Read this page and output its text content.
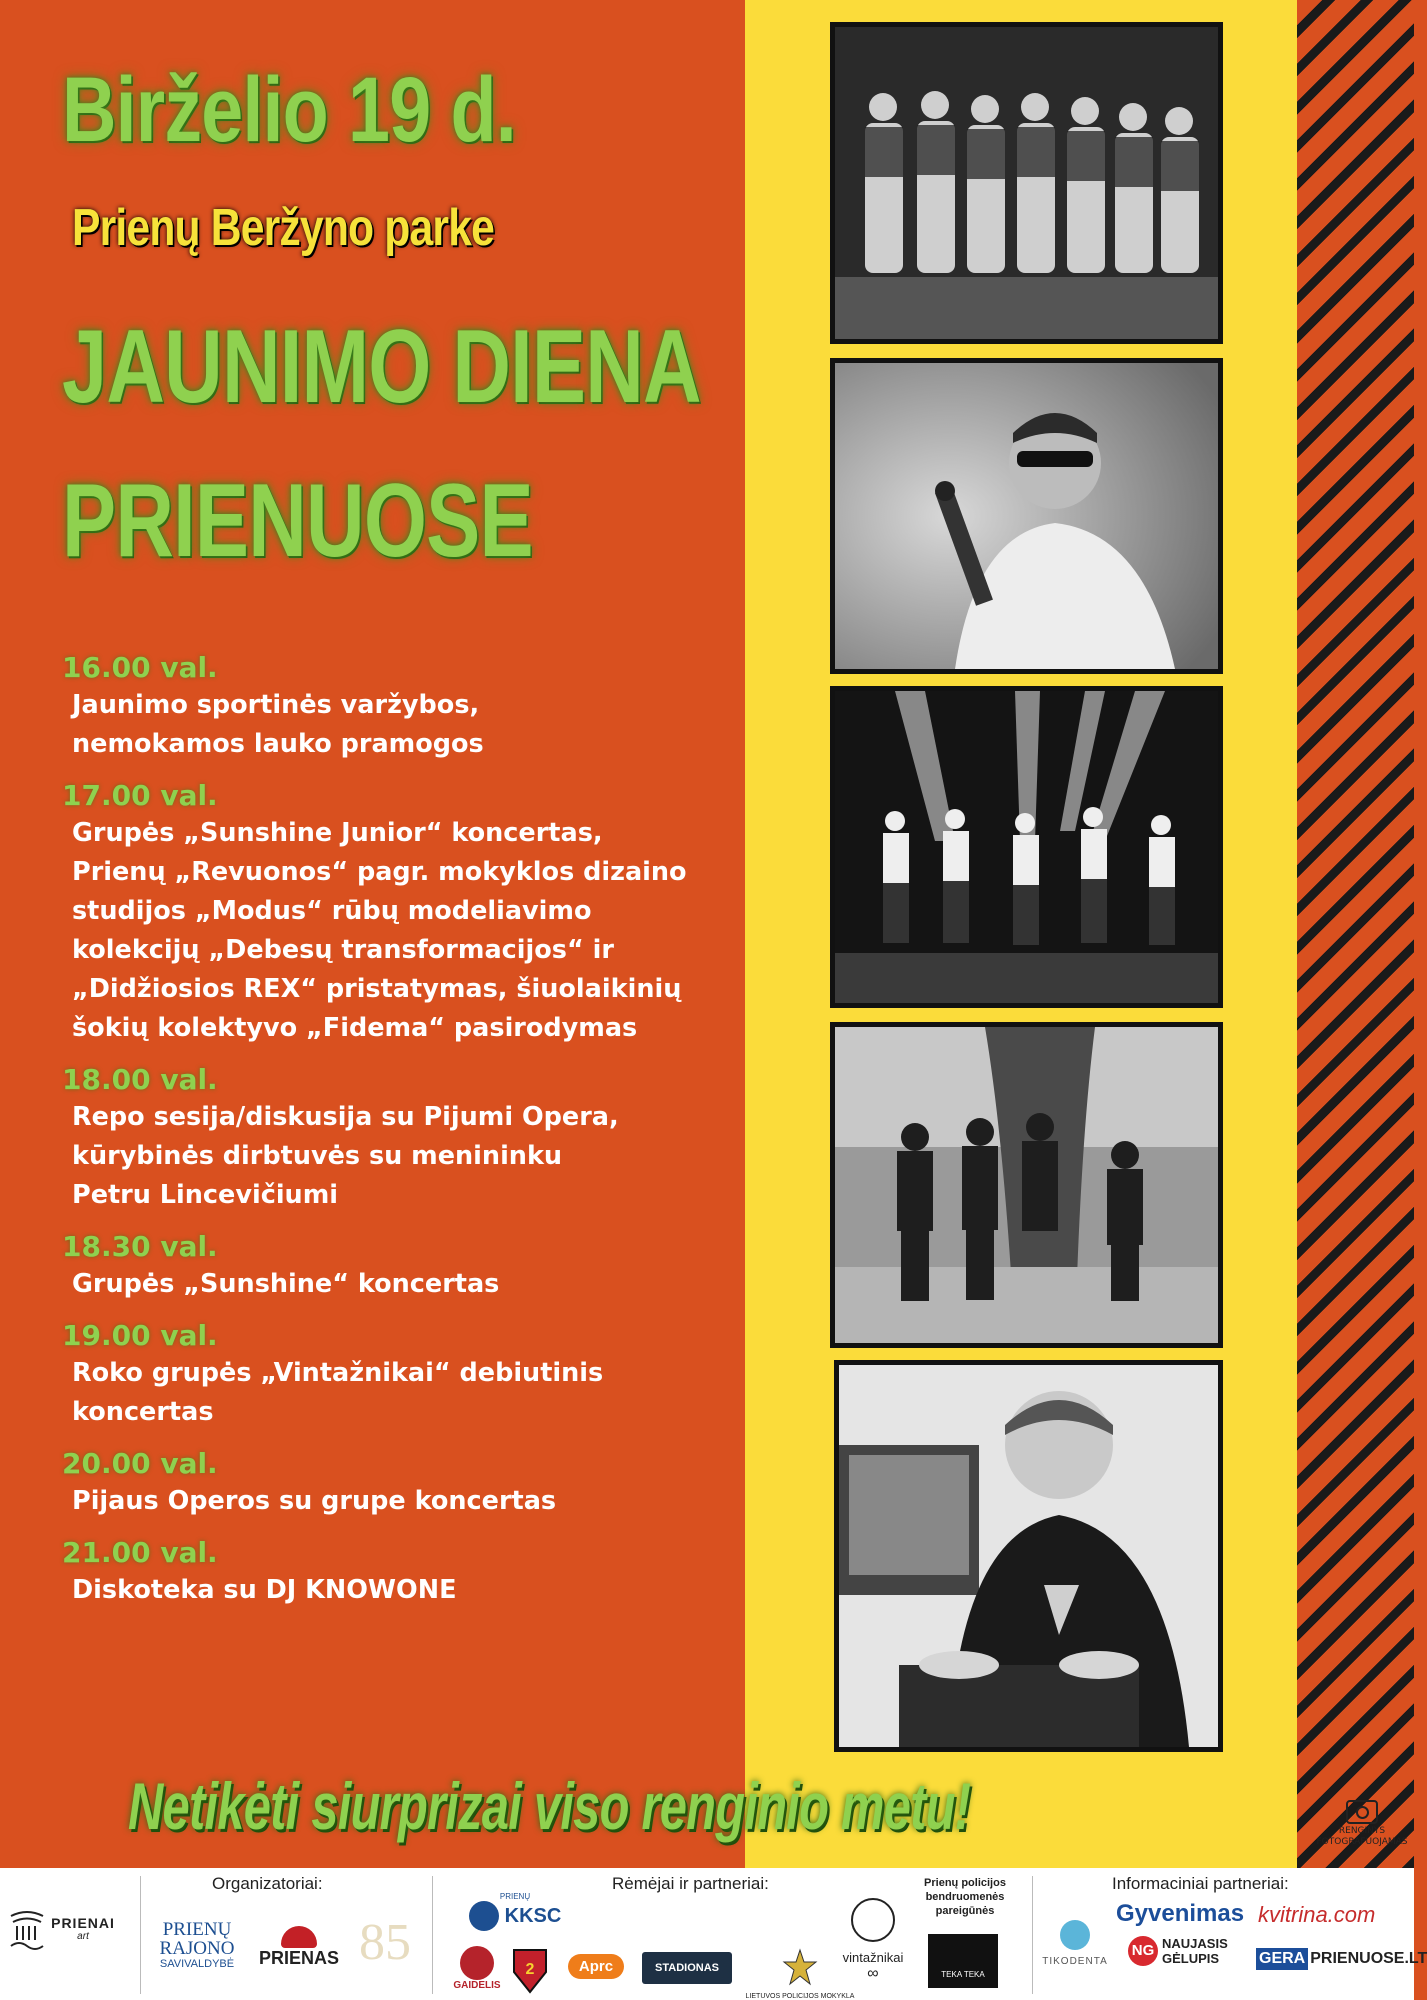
Birželio 19 d.
Prienų Beržyno parke
JAUNIMO DIENA
PRIENUOSE
16.00 val.
Jaunimo sportinės varžybos,
nemokamos lauko pramogos
17.00 val.
Grupės „Sunshine Junior“ koncertas,
Prienų „Revuonos“ pagr. mokyklos dizaino
studijos „Modus“ rūbų modeliavimo
kolekcijų „Debesų transformacijos“ ir
„Didžiosios REX“ pristatymas, šiuolaikinių
šokių kolektyvo „Fidema“ pasirodymas
18.00 val.
Repo sesija/diskusija su Pijumi Opera,
kūrybinės dirbtuvės su menininku
Petru Lincevičiumi
18.30 val.
Grupės „Sunshine“ koncertas
19.00 val.
Roko grupės „Vintažnikai“ debiutinis
koncertas
20.00 val.
Pijaus Operos su grupe koncertas
21.00 val.
Diskoteka su DJ KNOWONE
Netikėti siurprizai viso renginio metu!	RENGINYS
FOTOGRAFUOJAMAS
PRIENAI
art
Organizatoriai:
PRIENŲ
RAJONO
SAVIVALDYBĖ	PRIENAS 85
Rėmėjai ir partneriai:
PRIENŲ
KKSC
GAIDELIS
2	Aprc	STADIONAS
LIETUVOS POLICIJOS MOKYKLA
vintažnikai
∞
Prienų policijos
bendruomenės
pareigūnės
TEKA TEKA
Informaciniai partneriai:
TIKODENTA
Gyvenimas kvitrina.com
NG NAUJASIS
GĖLUPIS	GERA PRIENUOSE.LT
